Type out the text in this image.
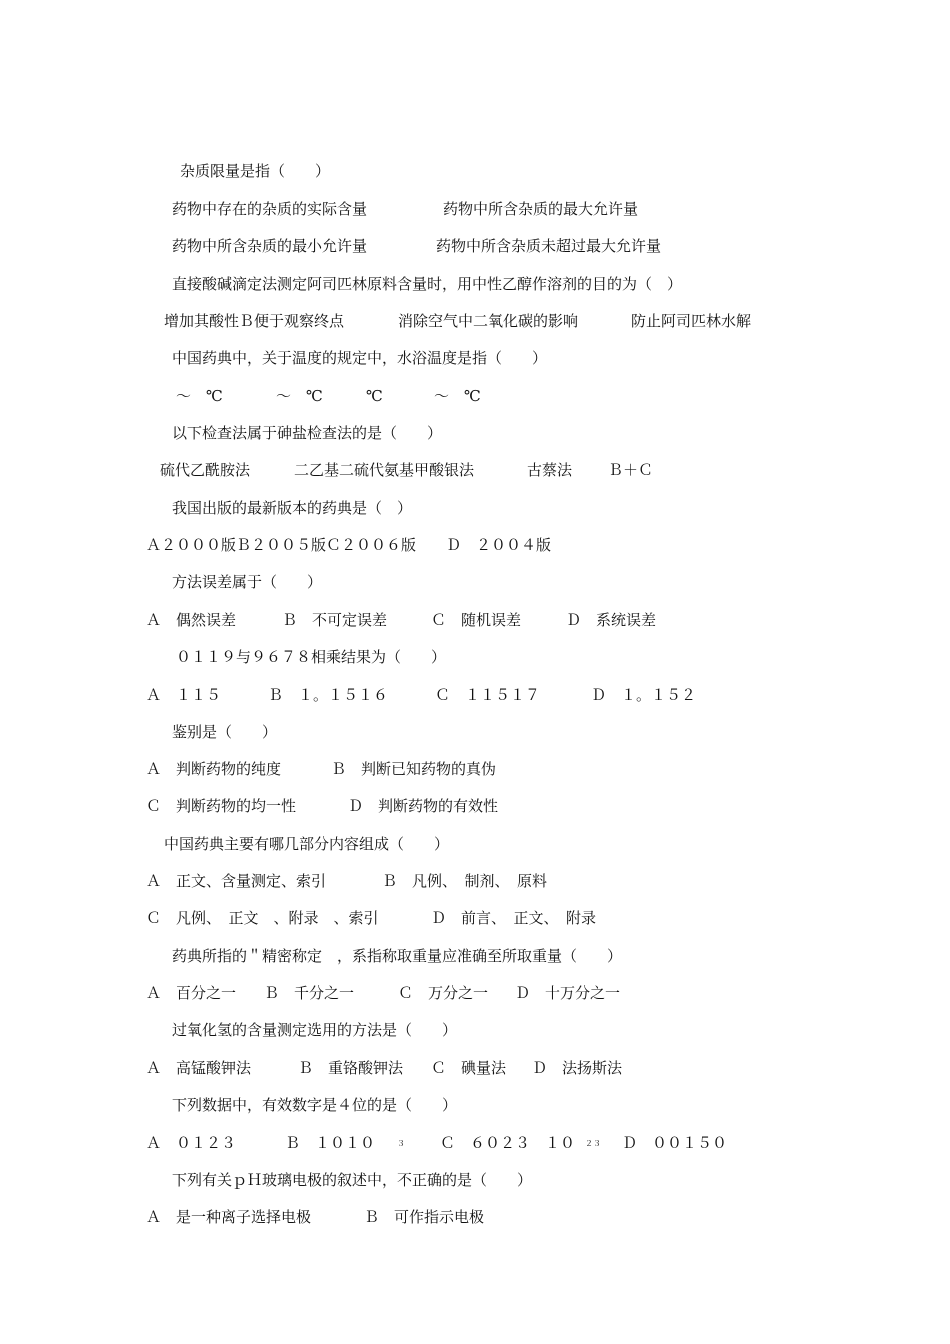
杂质限量是指（　　）
药物中存在的杂质的实际含量	药物中所含杂质的最大允许量
药物中所含杂质的最小允许量	药物中所含杂质未超过最大允许量
直接酸碱滴定法测定阿司匹林原料含量时，用中性乙醇作溶剂的目的为（　）
增加其酸性Ｂ便于观察终点	消除空气中二氧化碳的影响	防止阿司匹林水解
中国药典中，关于温度的规定中，水浴温度是指（　　）
～　℃	～　℃	℃	～　℃
以下检查法属于砷盐检查法的是（　　）
硫代乙酰胺法	二乙基二硫代氨基甲酸银法	古蔡法 Ｂ＋Ｃ
我国出版的最新版本的药典是（　）
Ａ２０００版Ｂ２００５版Ｃ２００６版　　Ｄ　２００４版
方法误差属于（　　）
Ａ　偶然误差	Ｂ　不可定误差	Ｃ　随机误差	Ｄ　系统误差
０１１９与９６７８相乘结果为（　　）
Ａ　１１５	Ｂ　１。１５１６	Ｃ　１１５１７	Ｄ　１。１５２
鉴别是（　　）
Ａ　判断药物的纯度	Ｂ　判断已知药物的真伪
Ｃ　判断药物的均一性	Ｄ　判断药物的有效性
中国药典主要有哪几部分内容组成（　　）
Ａ　正文、含量测定、索引	Ｂ　凡例、　制剂、　原料
Ｃ　凡例、　正文　、附录　、索引	Ｄ　前言、　正文、　附录
药典所指的＂精密称定　，系指称取重量应准确至所取重量（　　）
Ａ　百分之一 Ｂ　千分之一	Ｃ　万分之一 Ｄ　十万分之一
过氧化氢的含量测定选用的方法是（　　）
Ａ　高锰酸钾法	Ｂ　重铬酸钾法 Ｃ　碘量法 Ｄ　法扬斯法
下列数据中，有效数字是４位的是（　　）
Ａ　０１２３	Ｂ　１０１０	３ Ｃ　６０２３　１０ ２３ Ｄ　００１５０
下列有关ｐＨ玻璃电极的叙述中，不正确的是（　　）
Ａ　是一种离子选择电极	Ｂ　可作指示电极
